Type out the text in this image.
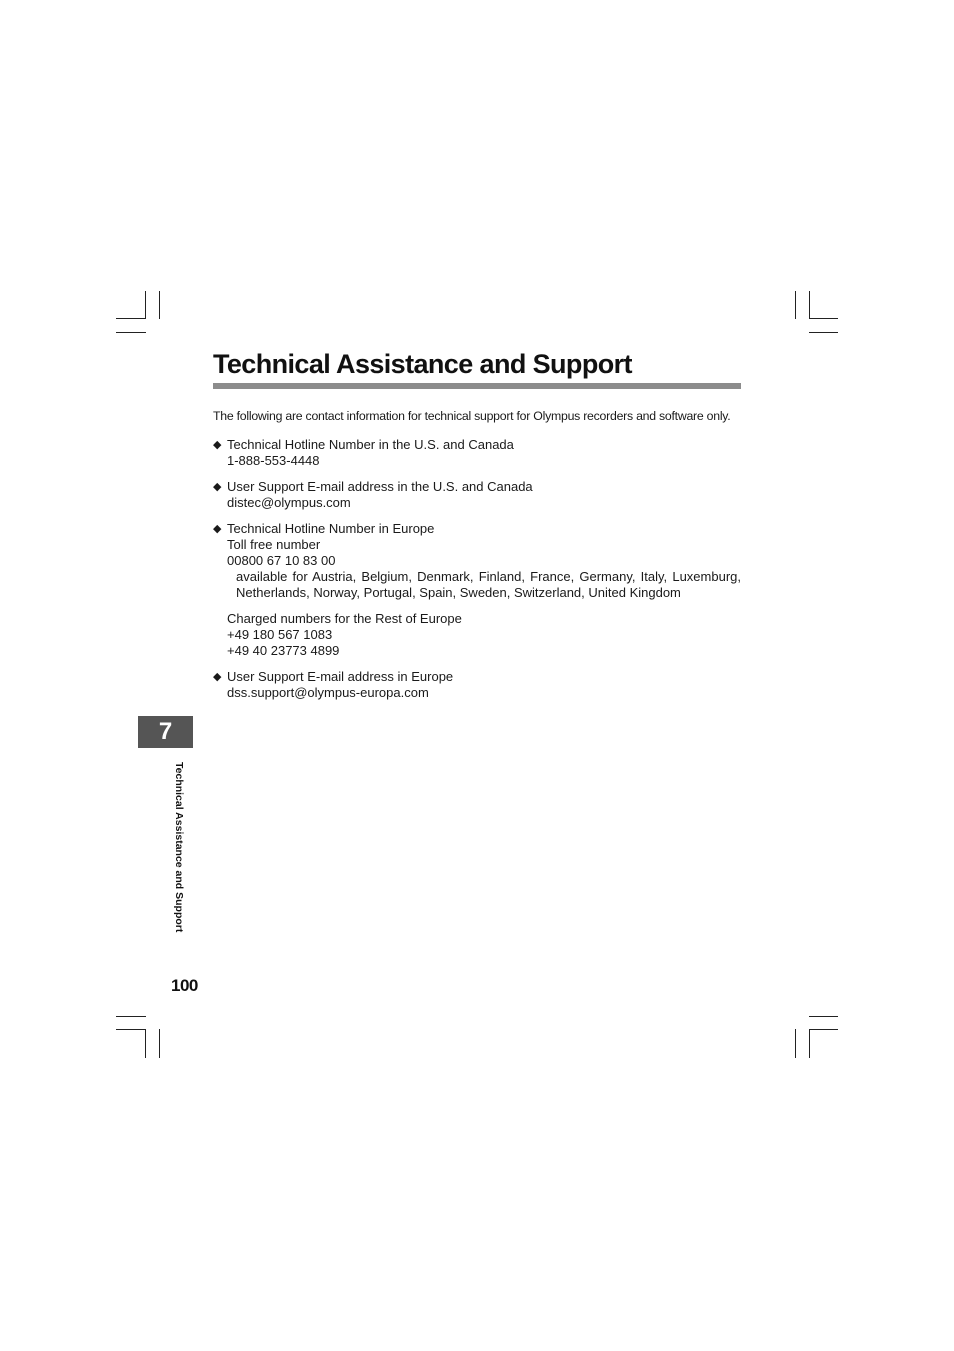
Technical Assistance and Support
The following are contact information for technical support for Olympus recorders and software only.
◆ Technical Hotline Number in the U.S. and Canada
1-888-553-4448
◆ User Support E-mail address in the U.S. and Canada
distec@olympus.com
◆ Technical Hotline Number in Europe
Toll free number
00800 67 10 83 00
available for Austria, Belgium, Denmark, Finland, France, Germany, Italy, Luxemburg, Netherlands, Norway, Portugal, Spain, Sweden, Switzerland, United Kingdom
Charged numbers for the Rest of Europe
+49 180 567 1083
+49 40 23773 4899
◆ User Support E-mail address in Europe
dss.support@olympus-europa.com
7
Technical Assistance and Support
100
